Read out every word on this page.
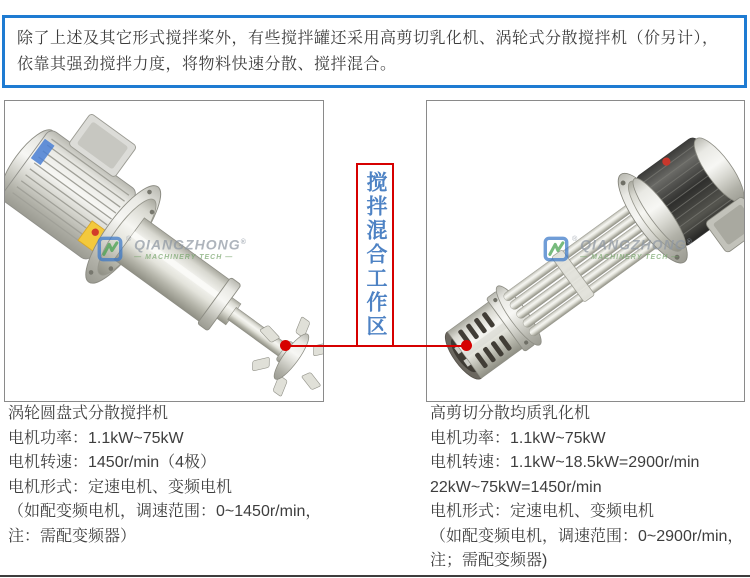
除了上述及其它形式搅拌桨外，有些搅拌罐还采用高剪切乳化机、涡轮式分散搅拌机（价另计），依靠其强劲搅拌力度，将物料快速分散、搅拌混合。
® QIANGZHONG®
— MACHINERY TECH —
® QIANGZHONG®
— MACHINERY TECH —
搅拌混合工作区
涡轮圆盘式分散搅拌机
电机功率：1.1kW~75kW
电机转速：1450r/min（4极）
电机形式：定速电机、变频电机
（如配变频电机，调速范围：0~1450r/min，
注：需配变频器）
高剪切分散均质乳化机
电机功率：1.1kW~75kW
电机转速：1.1kW~18.5kW=2900r/min
22kW~75kW=1450r/min
电机形式：定速电机、变频电机
（如配变频电机，调速范围：0~2900r/min，
注；需配变频器)
